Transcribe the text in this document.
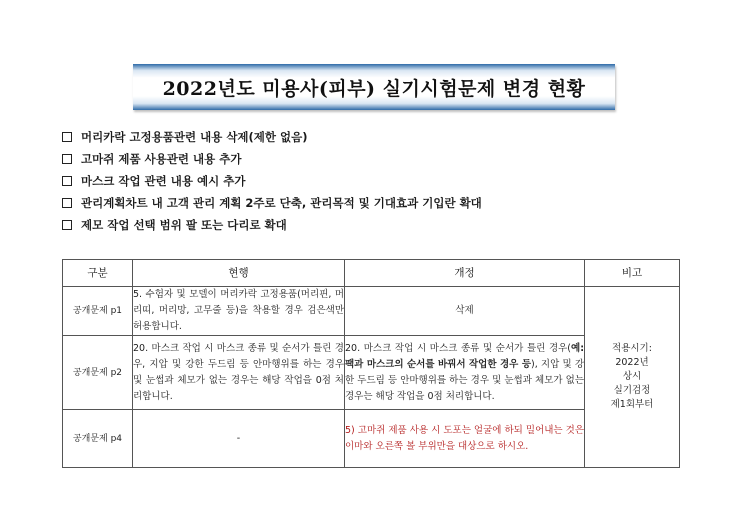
2022년도 미용사(피부) 실기시험문제 변경 현황
머리카락 고정용품관련 내용 삭제(제한 없음)
고마쥐 제품 사용관련 내용 추가
마스크 작업 관련 내용 예시 추가
관리계획차트 내 고객 관리 계획 2주로 단축, 관리목적 및 기대효과 기입란 확대
제모 작업 선택 범위 팔 또는 다리로 확대
구분	현행	개정	비고
공개문제 p1	5. 수험자 및 모델이 머리카락 고정용품(머리핀, 머리띠, 머리망, 고무줄 등)을 착용할 경우 검은색만 허용합니다.	삭제	적용시기:
2022년
상시
실기검정
제1회부터

공개문제 p2	20. 마스크 작업 시 마스크 종류 및 순서가 틀린 경우, 지압 및 강한 두드림 등 안마행위를 하는 경우 및 눈썹과 체모가 없는 경우는 해당 작업을 0점 처리합니다.	20. 마스크 작업 시 마스크 종류 및 순서가 틀린 경우(예: 팩과 마스크의 순서를 바꿔서 작업한 경우 등), 지압 및 강한 두드림 등 안마행위를 하는 경우 및 눈썹과 체모가 없는 경우는 해당 작업을 0점 처리합니다.	
공개문제 p4	-	5) 고마쥐 제품 사용 시 도포는 얼굴에 하되 밀어내는 것은 이마와 오른쪽 볼 부위만을 대상으로 하시오.	
